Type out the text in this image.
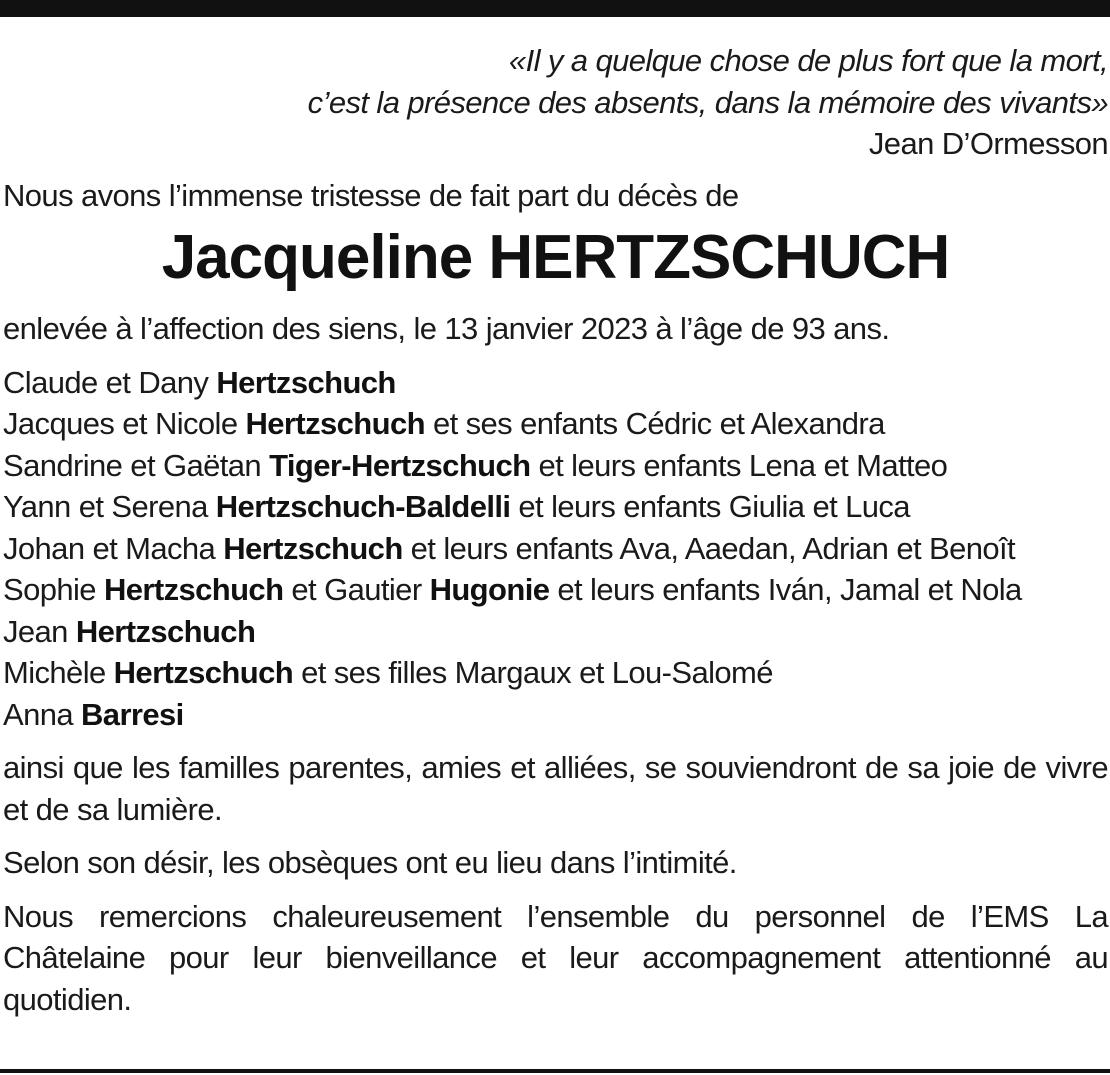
«Il y a quelque chose de plus fort que la mort,
c’est la présence des absents, dans la mémoire des vivants»
Jean D’Ormesson
Nous avons l’immense tristesse de fait part du décès de
Jacqueline HERTZSCHUCH
enlevée à l’affection des siens, le 13 janvier 2023 à l’âge de 93 ans.
Claude et Dany Hertzschuch
Jacques et Nicole Hertzschuch et ses enfants Cédric et Alexandra
Sandrine et Gaëtan Tiger-Hertzschuch et leurs enfants Lena et Matteo
Yann et Serena Hertzschuch-Baldelli et leurs enfants Giulia et Luca
Johan et Macha Hertzschuch et leurs enfants Ava, Aaedan, Adrian et Benoît
Sophie Hertzschuch et Gautier Hugonie et leurs enfants Iván, Jamal et Nola
Jean Hertzschuch
Michèle Hertzschuch et ses filles Margaux et Lou-Salomé
Anna Barresi
ainsi que les familles parentes, amies et alliées, se souviendront de sa joie de vivre et de sa lumière.
Selon son désir, les obsèques ont eu lieu dans l’intimité.
Nous remercions chaleureusement l’ensemble du personnel de l’EMS La Châtelaine pour leur bienveillance et leur accompagnement attentionné au quotidien.
